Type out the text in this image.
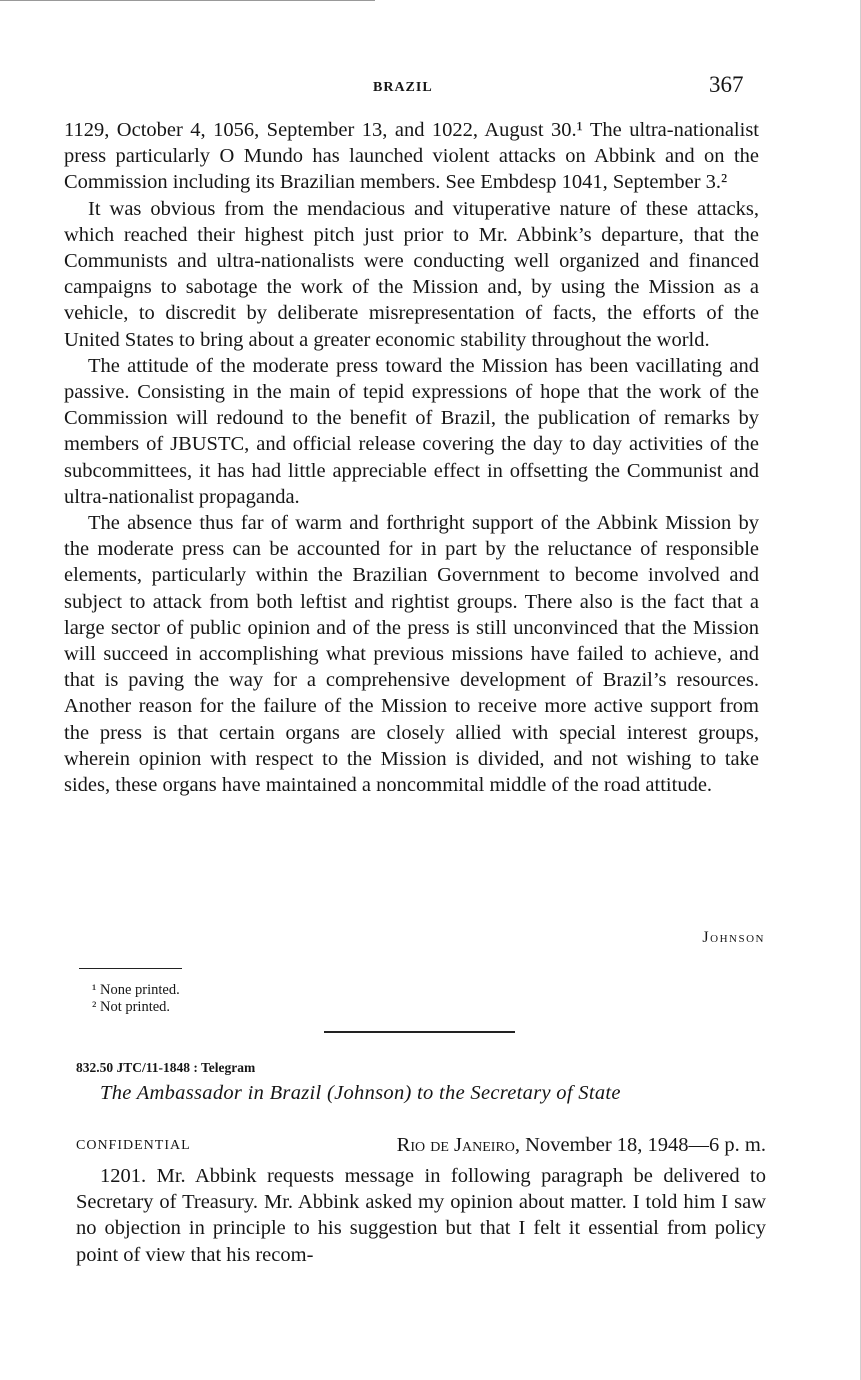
BRAZIL	367

1129, October 4, 1056, September 13, and 1022, August 30.¹ The ultra-nationalist press particularly O Mundo has launched violent attacks on Abbink and on the Commission including its Brazilian members. See Embdesp 1041, September 3.²

It was obvious from the mendacious and vituperative nature of these attacks, which reached their highest pitch just prior to Mr. Abbink’s departure, that the Communists and ultra-nationalists were conducting well organized and financed campaigns to sabotage the work of the Mission and, by using the Mission as a vehicle, to discredit by deliberate misrepresentation of facts, the efforts of the United States to bring about a greater economic stability throughout the world.

The attitude of the moderate press toward the Mission has been vacillating and passive. Consisting in the main of tepid expressions of hope that the work of the Commission will redound to the benefit of Brazil, the publication of remarks by members of JBUSTC, and official release covering the day to day activities of the subcommittees, it has had little appreciable effect in offsetting the Communist and ultra-nationalist propaganda.

The absence thus far of warm and forthright support of the Abbink Mission by the moderate press can be accounted for in part by the reluctance of responsible elements, particularly within the Brazilian Government to become involved and subject to attack from both leftist and rightist groups. There also is the fact that a large sector of public opinion and of the press is still unconvinced that the Mission will succeed in accomplishing what previous missions have failed to achieve, and that is paving the way for a comprehensive development of Brazil’s resources. Another reason for the failure of the Mission to receive more active support from the press is that certain organs are closely allied with special interest groups, wherein opinion with respect to the Mission is divided, and not wishing to take sides, these organs have maintained a noncommital middle of the road attitude.

Johnson
¹ None printed.
² Not printed.
832.50 JTC/11-1848 : Telegram
The Ambassador in Brazil (Johnson) to the Secretary of State
CONFIDENTIAL	Rio de Janeiro, November 18, 1948—6 p. m.

1201. Mr. Abbink requests message in following paragraph be delivered to Secretary of Treasury. Mr. Abbink asked my opinion about matter. I told him I saw no objection in principle to his suggestion but that I felt it essential from policy point of view that his recom-
